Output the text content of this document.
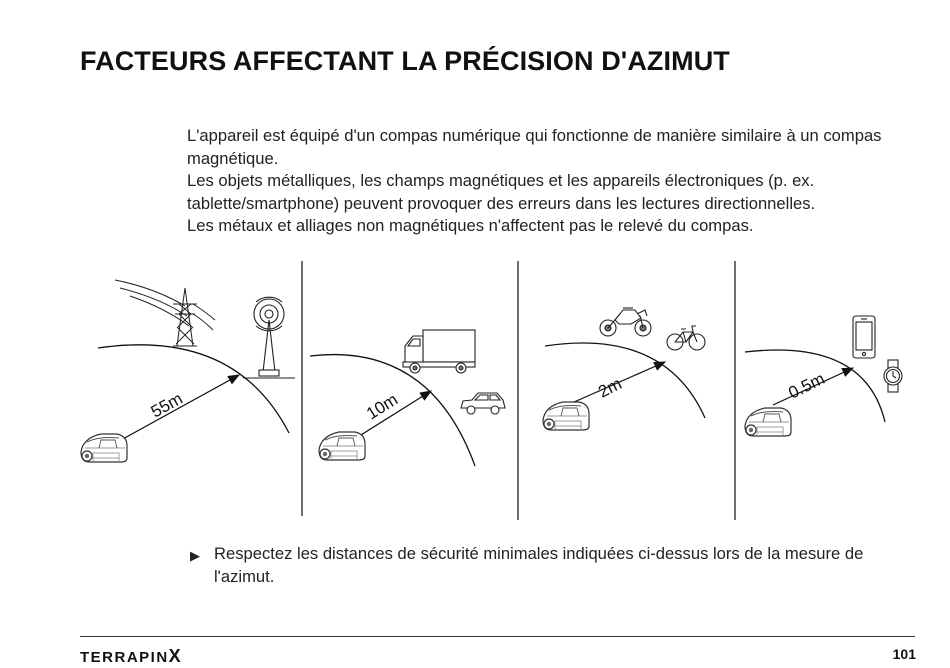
FACTEURS AFFECTANT LA PRÉCISION D'AZIMUT

L'appareil est équipé d'un compas numérique qui fonctionne de manière similaire à un compas magnétique.

Les objets métalliques, les champs magnétiques et les appareils électroniques (p. ex. tablette/smartphone) peuvent provoquer des erreurs dans les lectures directionnelles.

Les métaux et alliages non magnétiques n'affectent pas le relevé du compas.

55m	10m
2m	0.5m
▶ Respectez les distances de sécurité minimales indiquées ci-dessus lors de la mesure de l'azimut.
TERRAPINX	101
